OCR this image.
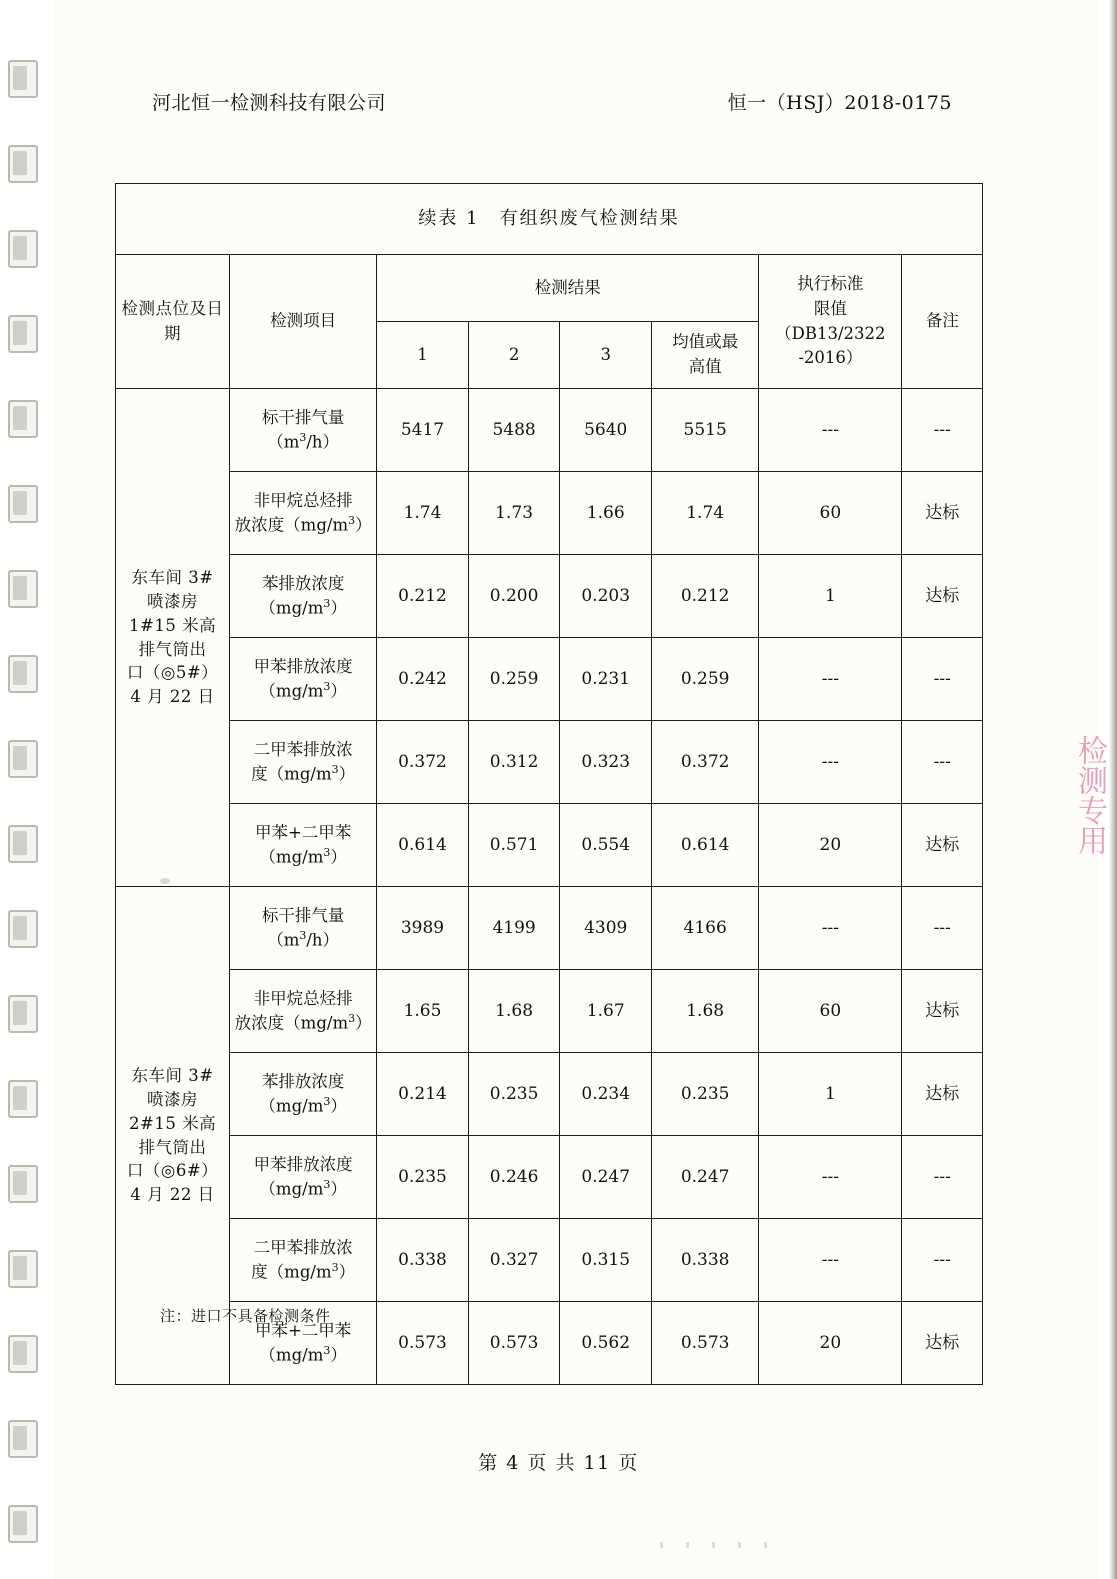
河北恒一检测科技有限公司	恒一（HSJ）2018-0175
续表 1　有组织废气检测结果							
检测点位及日期	检测项目	检测结果				执行标准
限值
（DB13/2322
-2016）	备注
		1	2	3	均值或最
高值		
东车间 3#
喷漆房
1#15 米高
排气筒出
口（◎5#）
4 月 22 日	标干排气量
$(m^3/h)$	5417	5488	5640	5515	---	---
	非甲烷总烃排
放浓度$(mg/m^3)$	1.74	1.73	1.66	1.74	60	达标
	苯排放浓度
$(mg/m^3)$	0.212	0.200	0.203	0.212	1	达标
	甲苯排放浓度
$(mg/m^3)$	0.242	0.259	0.231	0.259	---	---
	二甲苯排放浓
度$(mg/m^3)$	0.372	0.312	0.323	0.372	---	---
	甲苯+二甲苯
$(mg/m^3)$	0.614	0.571	0.554	0.614	20	达标
东车间 3#
喷漆房
2#15 米高
排气筒出
口（◎6#）
4 月 22 日	标干排气量
$(m^3/h)$	3989	4199	4309	4166	---	---
	非甲烷总烃排
放浓度$(mg/m^3)$	1.65	1.68	1.67	1.68	60	达标
	苯排放浓度
$(mg/m^3)$	0.214	0.235	0.234	0.235	1	达标
	甲苯排放浓度
$(mg/m^3)$	0.235	0.246	0.247	0.247	---	---
	二甲苯排放浓
度$(mg/m^3)$	0.338	0.327	0.315	0.338	---	---
	甲苯+二甲苯
$(mg/m^3)$	0.573	0.573	0.562	0.573	20	达标
注：进口不具备检测条件
检测专用
第 4 页 共 11 页
